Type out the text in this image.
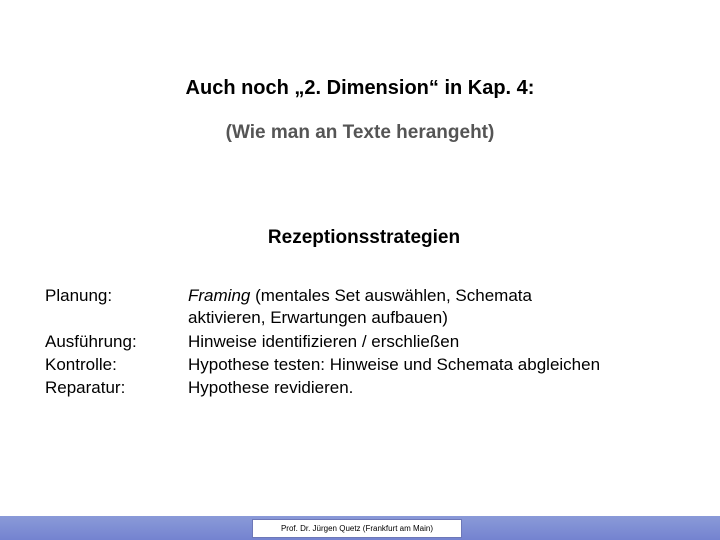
Auch noch „2. Dimension“ in Kap. 4:
(Wie man an Texte herangeht)
Rezeptionsstrategien
Planung:	Framing (mentales Set auswählen, Schemata
aktivieren, Erwartungen aufbauen)
Ausführung:	Hinweise identifizieren / erschließen
Kontrolle:	Hypothese testen: Hinweise und Schemata abgleichen
Reparatur:	Hypothese revidieren.
Prof. Dr. Jürgen Quetz (Frankfurt am Main)
